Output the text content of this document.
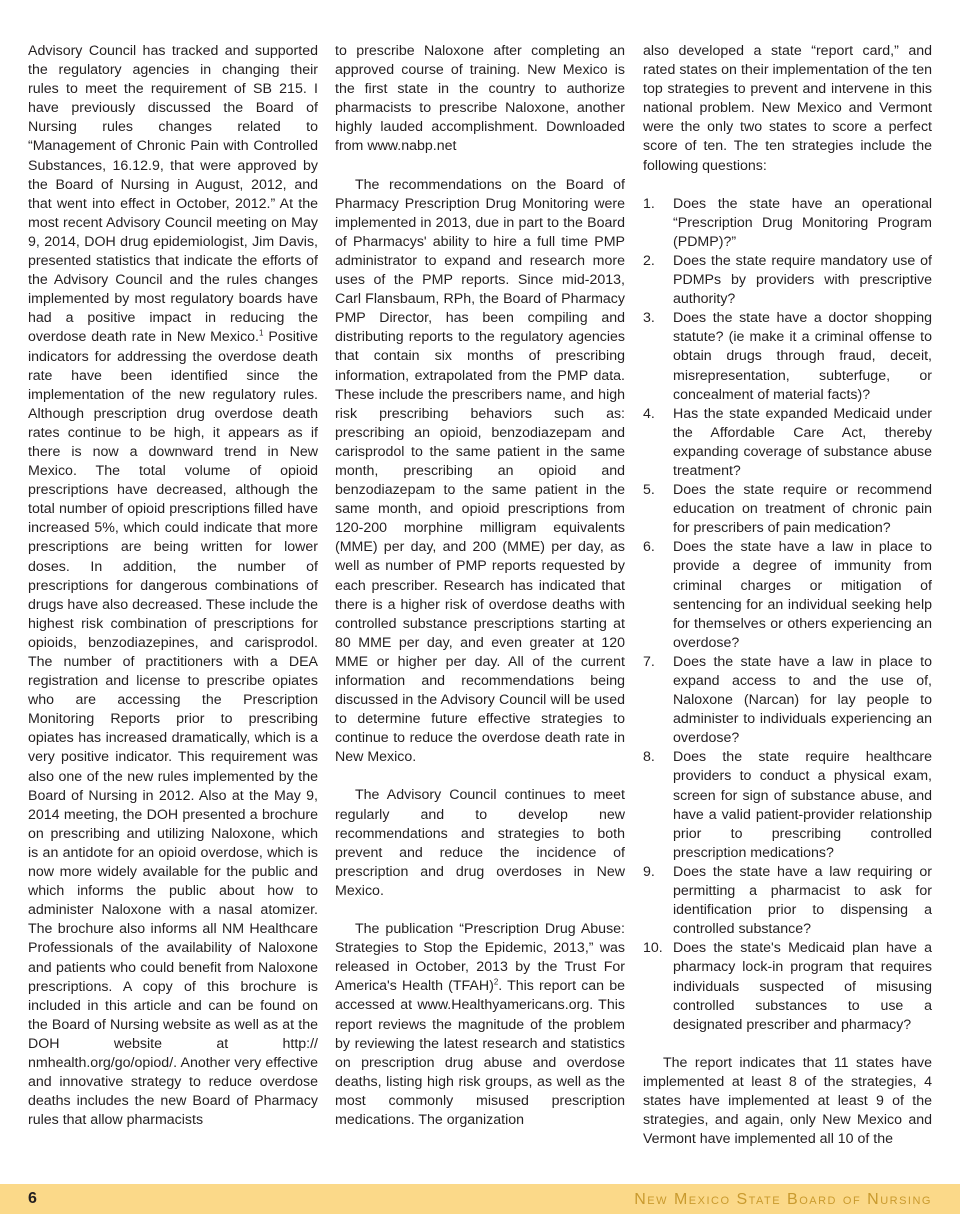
Advisory Council has tracked and supported the regulatory agencies in changing their rules to meet the requirement of SB 215. I have previously discussed the Board of Nursing rules changes related to “Management of Chronic Pain with Controlled Substances, 16.12.9, that were approved by the Board of Nursing in August, 2012, and that went into effect in October, 2012.” At the most recent Advisory Council meeting on May 9, 2014, DOH drug epidemiologist, Jim Davis, presented statistics that indicate the efforts of the Advisory Council and the rules changes implemented by most regulatory boards have had a positive impact in reducing the overdose death rate in New Mexico.$^1$ Positive indicators for addressing the overdose death rate have been identified since the implementation of the new regulatory rules. Although prescription drug overdose death rates continue to be high, it appears as if there is now a downward trend in New Mexico. The total volume of opioid prescriptions have decreased, although the total number of opioid prescriptions filled have increased 5%, which could indicate that more prescriptions are being written for lower doses. In addition, the number of prescriptions for dangerous combinations of drugs have also decreased. These include the highest risk combination of prescriptions for opioids, benzodiazepines, and carisprodol. The number of practitioners with a DEA registration and license to prescribe opiates who are accessing the Prescription Monitoring Reports prior to prescribing opiates has increased dramatically, which is a very positive indicator. This requirement was also one of the new rules implemented by the Board of Nursing in 2012. Also at the May 9, 2014 meeting, the DOH presented a brochure on prescribing and utilizing Naloxone, which is an antidote for an opioid overdose, which is now more widely available for the public and which informs the public about how to administer Naloxone with a nasal atomizer. The brochure also informs all NM Healthcare Professionals of the availability of Naloxone and patients who could benefit from Naloxone prescriptions. A copy of this brochure is included in this article and can be found on the Board of Nursing website as well as at the DOH website at http:// nmhealth.org/go/opiod/. Another very effective and innovative strategy to reduce overdose deaths includes the new Board of Pharmacy rules that allow pharmacists

to prescribe Naloxone after completing an approved course of training. New Mexico is the first state in the country to authorize pharmacists to prescribe Naloxone, another highly lauded accomplishment. Downloaded from www.nabp.net

The recommendations on the Board of Pharmacy Prescription Drug Monitoring were implemented in 2013, due in part to the Board of Pharmacys' ability to hire a full time PMP administrator to expand and research more uses of the PMP reports. Since mid-2013, Carl Flansbaum, RPh, the Board of Pharmacy PMP Director, has been compiling and distributing reports to the regulatory agencies that contain six months of prescribing information, extrapolated from the PMP data. These include the prescribers name, and high risk prescribing behaviors such as: prescribing an opioid, benzodiazepam and carisprodol to the same patient in the same month, prescribing an opioid and benzodiazepam to the same patient in the same month, and opioid prescriptions from 120-200 morphine milligram equivalents (MME) per day, and 200 (MME) per day, as well as number of PMP reports requested by each prescriber. Research has indicated that there is a higher risk of overdose deaths with controlled substance prescriptions starting at 80 MME per day, and even greater at 120 MME or higher per day. All of the current information and recommendations being discussed in the Advisory Council will be used to determine future effective strategies to continue to reduce the overdose death rate in New Mexico.

The Advisory Council continues to meet regularly and to develop new recommendations and strategies to both prevent and reduce the incidence of prescription and drug overdoses in New Mexico.

The publication “Prescription Drug Abuse: Strategies to Stop the Epidemic, 2013,” was released in October, 2013 by the Trust For America's Health (TFAH)$^2$. This report can be accessed at www.Healthyamericans.org. This report reviews the magnitude of the problem by reviewing the latest research and statistics on prescription drug abuse and overdose deaths, listing high risk groups, as well as the most commonly misused prescription medications. The organization

also developed a state “report card,” and rated states on their implementation of the ten top strategies to prevent and intervene in this national problem. New Mexico and Vermont were the only two states to score a perfect score of ten. The ten strategies include the following questions:

1.	Does the state have an operational “Prescription Drug Monitoring Program (PDMP)?”
2.	Does the state require mandatory use of PDMPs by providers with prescriptive authority?
3.	Does the state have a doctor shopping statute? (ie make it a criminal offense to obtain drugs through fraud, deceit, misrepresentation, subterfuge, or concealment of material facts)?
4.	Has the state expanded Medicaid under the Affordable Care Act, thereby expanding coverage of substance abuse treatment?
5.	Does the state require or recommend education on treatment of chronic pain for prescribers of pain medication?
6.	Does the state have a law in place to provide a degree of immunity from criminal charges or mitigation of sentencing for an individual seeking help for themselves or others experiencing an overdose?
7.	Does the state have a law in place to expand access to and the use of, Naloxone (Narcan) for lay people to administer to individuals experiencing an overdose?
8.	Does the state require healthcare providers to conduct a physical exam, screen for sign of substance abuse, and have a valid patient-provider relationship prior to prescribing controlled prescription medications?
9.	Does the state have a law requiring or permitting a pharmacist to ask for identification prior to dispensing a controlled substance?
10. Does the state's Medicaid plan have a pharmacy lock-in program that requires individuals suspected of misusing controlled substances to use a designated prescriber and pharmacy?

The report indicates that 11 states have implemented at least 8 of the strategies, 4 states have implemented at least 9 of the strategies, and again, only New Mexico and Vermont have implemented all 10 of the

6	New Mexico State Board of Nursing
